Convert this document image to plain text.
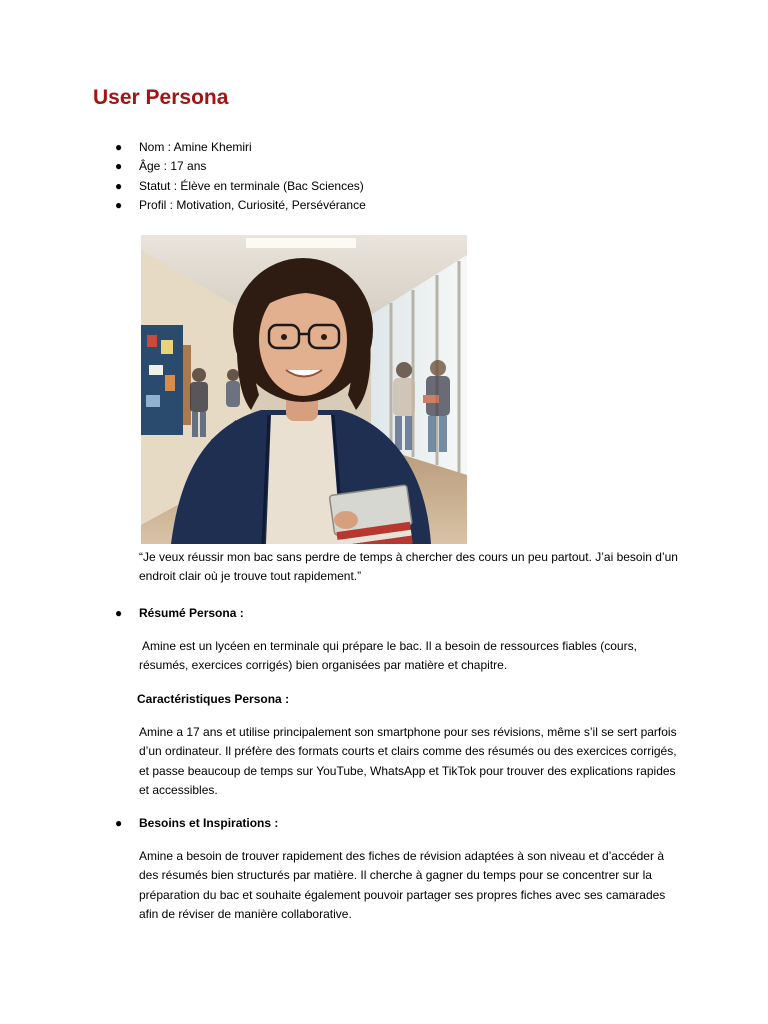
User Persona
● Nom : Amine Khemiri
● Âge : 17 ans
● Statut : Élève en terminale (Bac Sciences)
● Profil : Motivation, Curiosité, Persévérance

“Je veux réussir mon bac sans perdre de temps à chercher des cours un peu partout. J’ai besoin d’un endroit clair où je trouve tout rapidement.”

● Résumé Persona :

Amine est un lycéen en terminale qui prépare le bac. Il a besoin de ressources fiables (cours, résumés, exercices corrigés) bien organisées par matière et chapitre.

Caractéristiques Persona :

Amine a 17 ans et utilise principalement son smartphone pour ses révisions, même s’il se sert parfois d’un ordinateur. Il préfère des formats courts et clairs comme des résumés ou des exercices corrigés, et passe beaucoup de temps sur YouTube, WhatsApp et TikTok pour trouver des explications rapides et accessibles.

● Besoins et Inspirations :

Amine a besoin de trouver rapidement des fiches de révision adaptées à son niveau et d’accéder à des résumés bien structurés par matière. Il cherche à gagner du temps pour se concentrer sur la préparation du bac et souhaite également pouvoir partager ses propres fiches avec ses camarades afin de réviser de manière collaborative.
